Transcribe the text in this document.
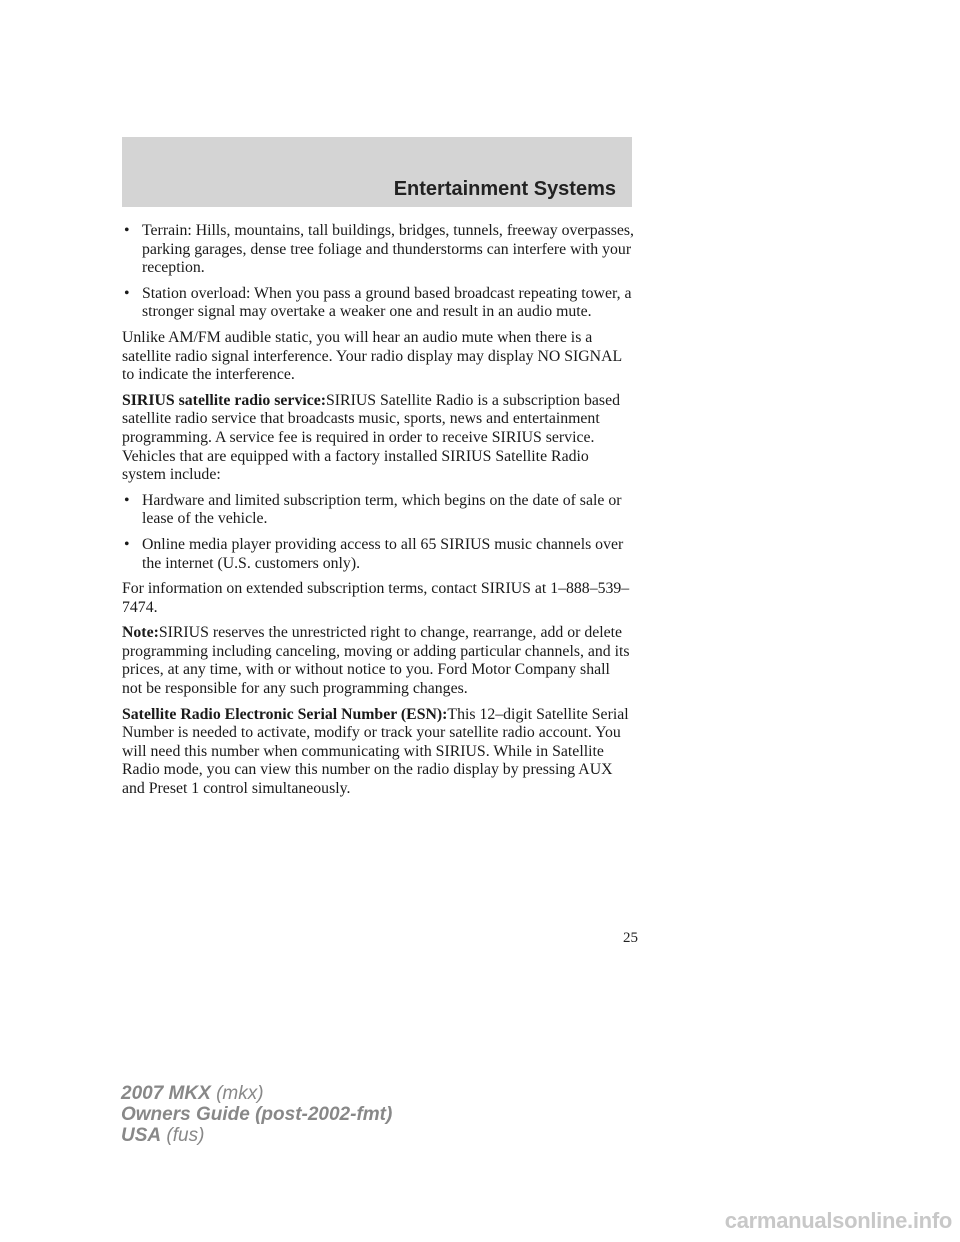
Entertainment Systems
• Terrain: Hills, mountains, tall buildings, bridges, tunnels, freeway overpasses, parking garages, dense tree foliage and thunderstorms can interfere with your reception.
• Station overload: When you pass a ground based broadcast repeating tower, a stronger signal may overtake a weaker one and result in an audio mute.

Unlike AM/FM audible static, you will hear an audio mute when there is a satellite radio signal interference. Your radio display may display NO SIGNAL to indicate the interference.

SIRIUS satellite radio service:SIRIUS Satellite Radio is a subscription based satellite radio service that broadcasts music, sports, news and entertainment programming. A service fee is required in order to receive SIRIUS service. Vehicles that are equipped with a factory installed SIRIUS Satellite Radio system include:

• Hardware and limited subscription term, which begins on the date of sale or lease of the vehicle.
• Online media player providing access to all 65 SIRIUS music channels over the internet (U.S. customers only).

For information on extended subscription terms, contact SIRIUS at 1–888–539–7474.

Note:SIRIUS reserves the unrestricted right to change, rearrange, add or delete programming including canceling, moving or adding particular channels, and its prices, at any time, with or without notice to you. Ford Motor Company shall not be responsible for any such programming changes.

Satellite Radio Electronic Serial Number (ESN):This 12–digit Satellite Serial Number is needed to activate, modify or track your satellite radio account. You will need this number when communicating with SIRIUS. While in Satellite Radio mode, you can view this number on the radio display by pressing AUX and Preset 1 control simultaneously.

25
2007 MKX (mkx)
Owners Guide (post-2002-fmt)
USA (fus)
carmanualsonline.info
